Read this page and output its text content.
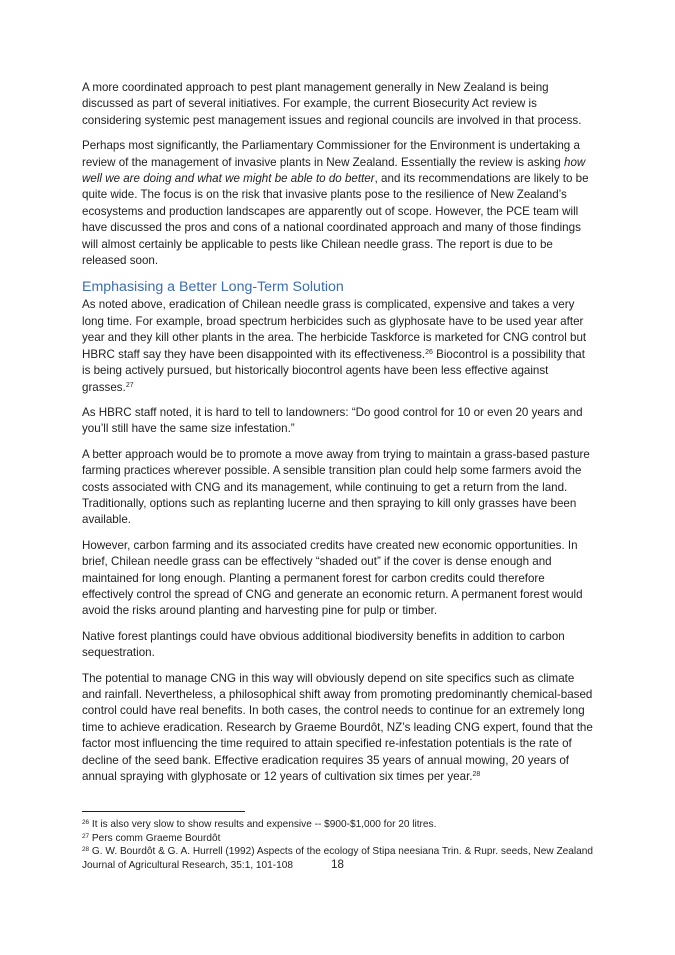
A more coordinated approach to pest plant management generally in New Zealand is being discussed as part of several initiatives. For example, the current Biosecurity Act review is considering systemic pest management issues and regional councils are involved in that process.

Perhaps most significantly, the Parliamentary Commissioner for the Environment is undertaking a review of the management of invasive plants in New Zealand. Essentially the review is asking how well we are doing and what we might be able to do better, and its recommendations are likely to be quite wide. The focus is on the risk that invasive plants pose to the resilience of New Zealand’s ecosystems and production landscapes are apparently out of scope. However, the PCE team will have discussed the pros and cons of a national coordinated approach and many of those findings will almost certainly be applicable to pests like Chilean needle grass. The report is due to be released soon.

Emphasising a Better Long-Term Solution

As noted above, eradication of Chilean needle grass is complicated, expensive and takes a very long time. For example, broad spectrum herbicides such as glyphosate have to be used year after year and they kill other plants in the area. The herbicide Taskforce is marketed for CNG control but HBRC staff say they have been disappointed with its effectiveness.$^{26}$ Biocontrol is a possibility that is being actively pursued, but historically biocontrol agents have been less effective against grasses.$^{27}$

As HBRC staff noted, it is hard to tell to landowners: “Do good control for 10 or even 20 years and you’ll still have the same size infestation.”

A better approach would be to promote a move away from trying to maintain a grass-based pasture farming practices wherever possible. A sensible transition plan could help some farmers avoid the costs associated with CNG and its management, while continuing to get a return from the land. Traditionally, options such as replanting lucerne and then spraying to kill only grasses have been available.

However, carbon farming and its associated credits have created new economic opportunities. In brief, Chilean needle grass can be effectively “shaded out” if the cover is dense enough and maintained for long enough. Planting a permanent forest for carbon credits could therefore effectively control the spread of CNG and generate an economic return. A permanent forest would avoid the risks around planting and harvesting pine for pulp or timber.

Native forest plantings could have obvious additional biodiversity benefits in addition to carbon sequestration.

The potential to manage CNG in this way will obviously depend on site specifics such as climate and rainfall. Nevertheless, a philosophical shift away from promoting predominantly chemical-based control could have real benefits. In both cases, the control needs to continue for an extremely long time to achieve eradication. Research by Graeme Bourdôt, NZ’s leading CNG expert, found that the factor most influencing the time required to attain specified re-infestation potentials is the rate of decline of the seed bank. Effective eradication requires 35 years of annual mowing, 20 years of annual spraying with glyphosate or 12 years of cultivation six times per year.$^{28}$

$^{26}$ It is also very slow to show results and expensive -- $900-$1,000 for 20 litres.

$^{27}$ Pers comm Graeme Bourdôt

$^{28}$ G. W. Bourdôt & G. A. Hurrell (1992) Aspects of the ecology of Stipa neesiana Trin. & Rupr. seeds, New Zealand Journal of Agricultural Research, 35:1, 101-108	18
